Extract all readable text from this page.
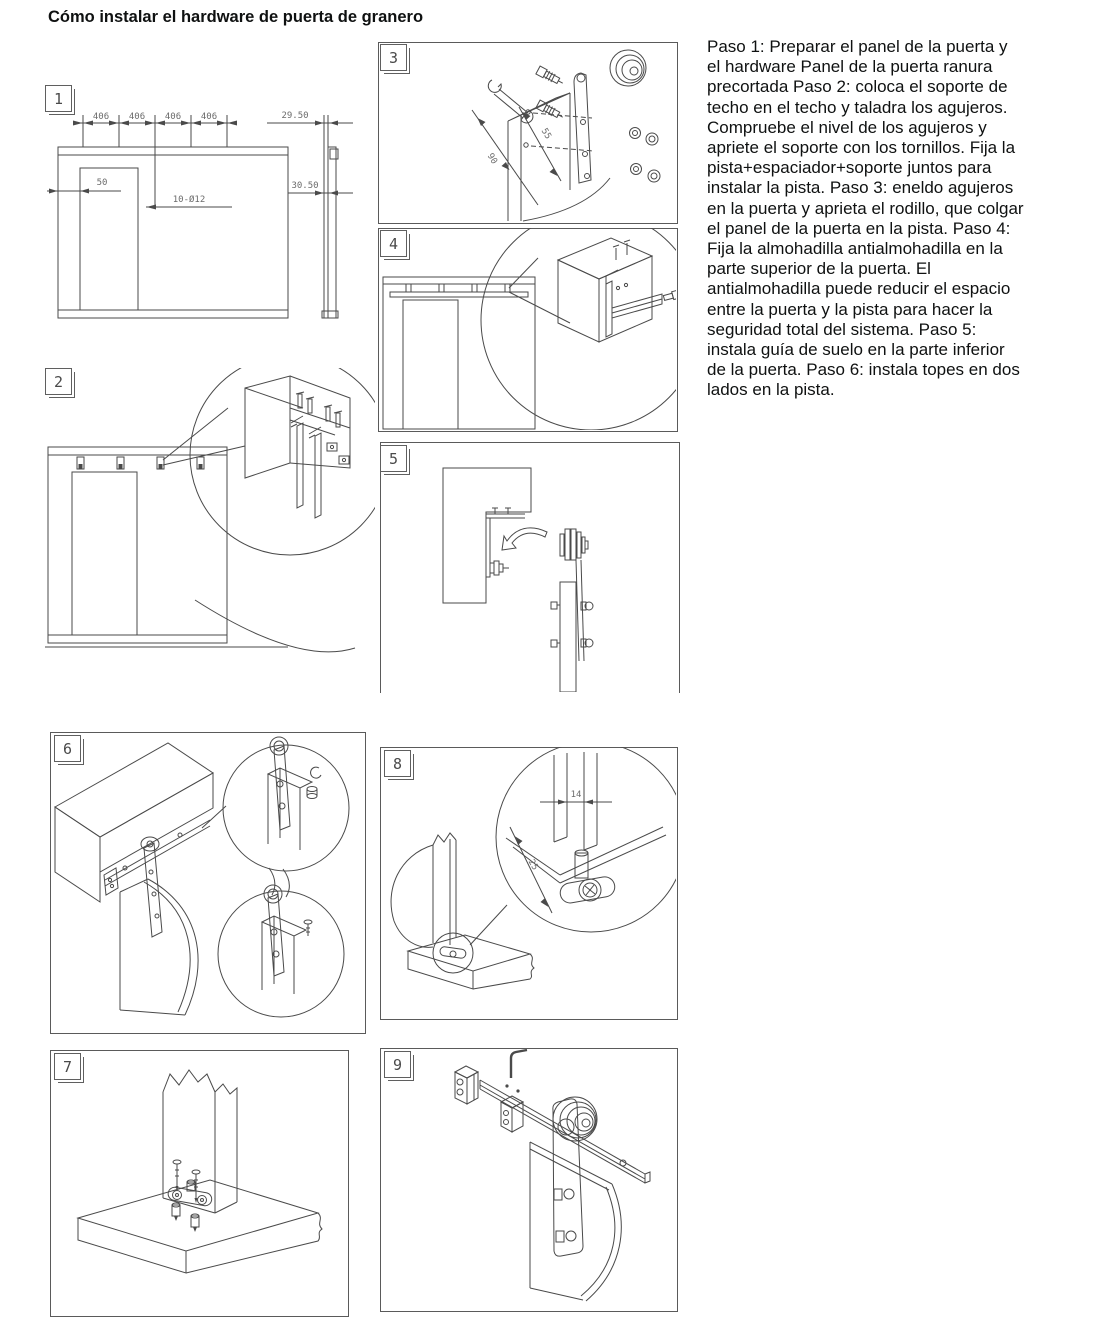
Cómo instalar el hardware de puerta de granero
Paso 1: Preparar el panel de la puerta y el hardware Panel de la puerta ranura precortada Paso 2: coloca el soporte de techo en el techo y taladra los agujeros. Compruebe el nivel de los agujeros y apriete el soporte con los tornillos. Fija la pista+espaciador+soporte juntos para instalar la pista. Paso 3: eneldo agujeros en la puerta y aprieta el rodillo, que colgar el panel de la puerta en la pista. Paso 4: Fija la almohadilla antialmohadilla en la parte superior de la puerta. El antialmohadilla puede reducir el espacio entre la puerta y la pista para hacer la seguridad total del sistema. Paso 5: instala guía de suelo en la parte inferior de la puerta. Paso 6: instala topes en dos lados en la pista.
1
2
3
4
5
6
7
8
9
406 406 406 406	29.50
30.50
50
10-Ø12
55
90
14
25
